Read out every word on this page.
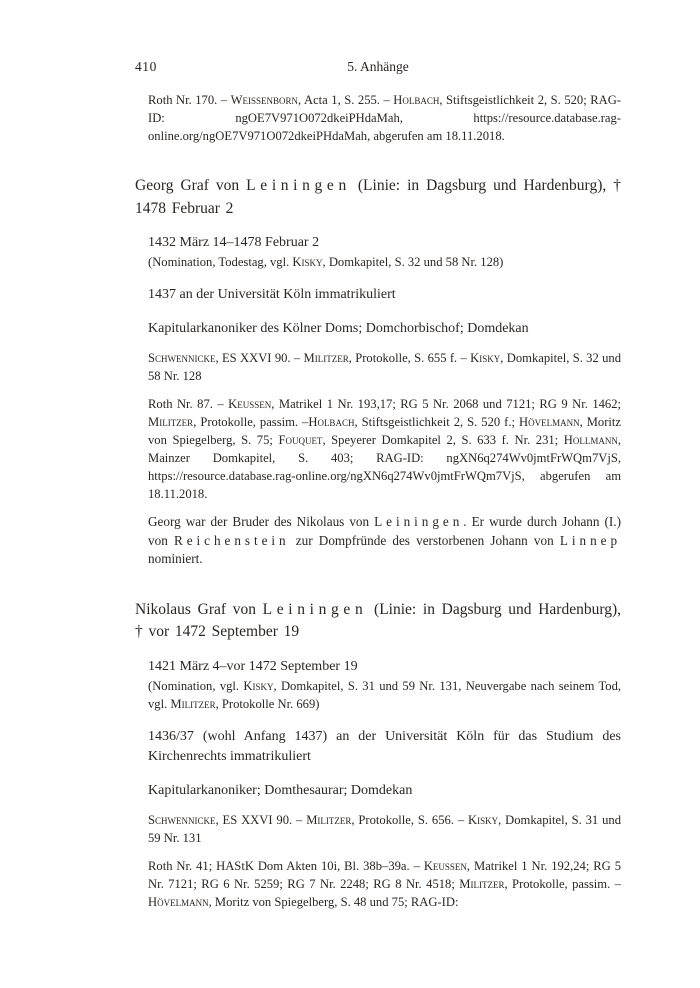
410	5. Anhänge

Roth Nr. 170. – Weissenborn, Acta 1, S. 255. – Holbach, Stiftsgeistlichkeit 2, S. 520; RAG-ID: ngOE7V971O072dkeiPHdaMah, https://resource.database.rag-online.org/ngOE7V971O072dkeiPHdaMah, abgerufen am 18.11.2018.

Georg Graf von Leiningen (Linie: in Dagsburg und Hardenburg), † 1478 Februar 2

1432 März 14–1478 Februar 2

(Nomination, Todestag, vgl. Kisky, Domkapitel, S. 32 und 58 Nr. 128)

1437 an der Universität Köln immatrikuliert

Kapitularkanoniker des Kölner Doms; Domchorbischof; Domdekan

Schwennicke, ES XXVI 90. – Militzer, Protokolle, S. 655 f. – Kisky, Domkapitel, S. 32 und 58 Nr. 128

Roth Nr. 87. – Keussen, Matrikel 1 Nr. 193,17; RG 5 Nr. 2068 und 7121; RG 9 Nr. 1462; Militzer, Protokolle, passim. –Holbach, Stiftsgeistlichkeit 2, S. 520 f.; Hövelmann, Moritz von Spiegelberg, S. 75; Fouquet, Speyerer Domkapitel 2, S. 633 f. Nr. 231; Hollmann, Mainzer Domkapitel, S. 403; RAG-ID: ngXN6q274Wv0jmtFrWQm7VjS, https://resource.database.rag-online.org/ngXN6q274Wv0jmtFrWQm7VjS, abgerufen am 18.11.2018.

Georg war der Bruder des Nikolaus von Leiningen. Er wurde durch Johann (I.) von Reichenstein zur Dompfründe des verstorbenen Johann von Linnep nominiert.

Nikolaus Graf von Leiningen (Linie: in Dagsburg und Hardenburg), † vor 1472 September 19

1421 März 4–vor 1472 September 19

(Nomination, vgl. Kisky, Domkapitel, S. 31 und 59 Nr. 131, Neuvergabe nach seinem Tod, vgl. Militzer, Protokolle Nr. 669)

1436/37 (wohl Anfang 1437) an der Universität Köln für das Studium des Kirchenrechts immatrikuliert

Kapitularkanoniker; Domthesaurar; Domdekan

Schwennicke, ES XXVI 90. – Militzer, Protokolle, S. 656. – Kisky, Domkapitel, S. 31 und 59 Nr. 131

Roth Nr. 41; HAStK Dom Akten 10i, Bl. 38b–39a. – Keussen, Matrikel 1 Nr. 192,24; RG 5 Nr. 7121; RG 6 Nr. 5259; RG 7 Nr. 2248; RG 8 Nr. 4518; Militzer, Protokolle, passim. – Hövelmann, Moritz von Spiegelberg, S. 48 und 75; RAG-ID:
